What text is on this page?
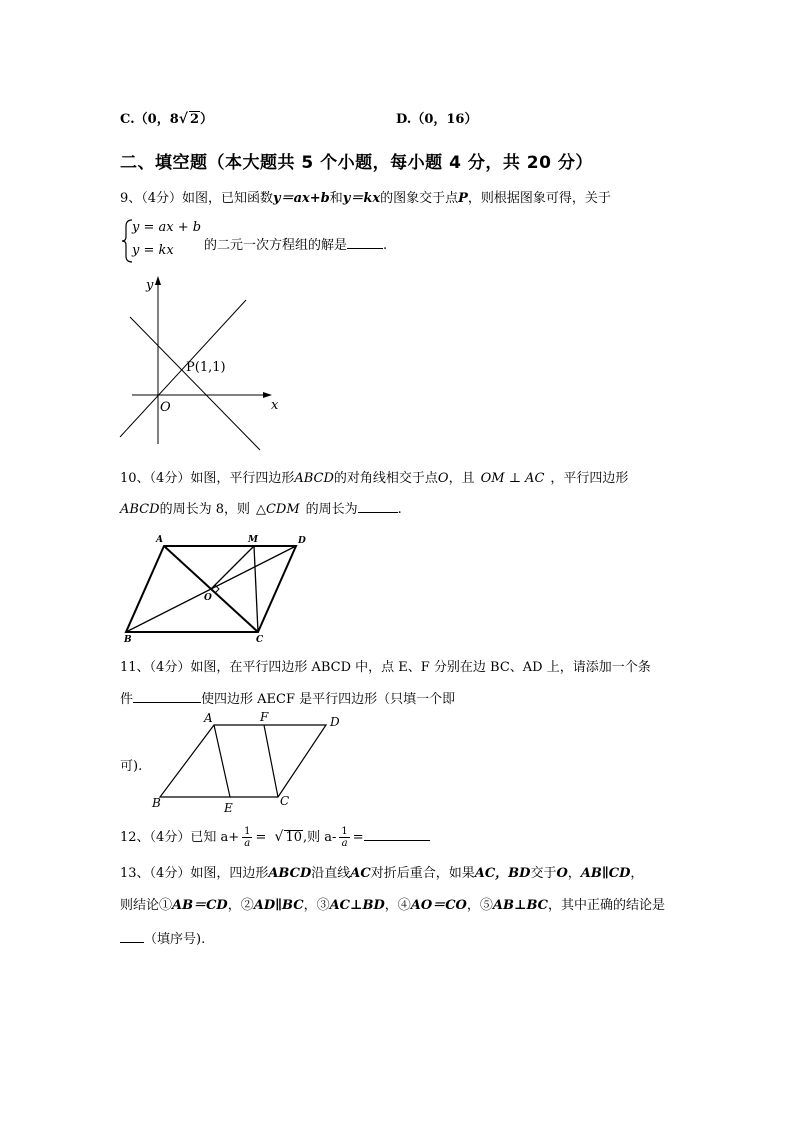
C.（0，8√ 2）	D.（0，16）
二、填空题（本大题共 5 个小题，每小题 4 分，共 20 分）
9、（4分）如图，已知函数y＝ax+b和y＝kx的图象交于点P，则根据图象可得，关于
y = ax + b
y = kx 的二元一次方程组的解是	.
y
x
O
P(1,1)
10、（4分）如图，平行四边形ABCD的对角线相交于点O，且 OM ⊥ AC ，平行四边形
ABCD的周长为 8，则 △CDM 的周长为	.
A	M	D
O
B	C
11、（4分）如图，在平行四边形 ABCD 中，点 E、F 分别在边 BC、AD 上，请添加一个条
件	使四边形 AECF 是平行四边形（只填一个即
可).
A	F	D
B	E	C
12、（4分）已知 $a+ \frac{1}{a}$ = √ 10,则 $a- \frac{1}{a}$ =
13、（4分）如图，四边形ABCD沿直线AC对折后重合，如果AC，BD交于O，AB∥CD，
则结论①AB＝CD，②AD∥BC，③AC⊥BD，④AO＝CO，⑤AB⊥BC，其中正确的结论是
（填序号).
